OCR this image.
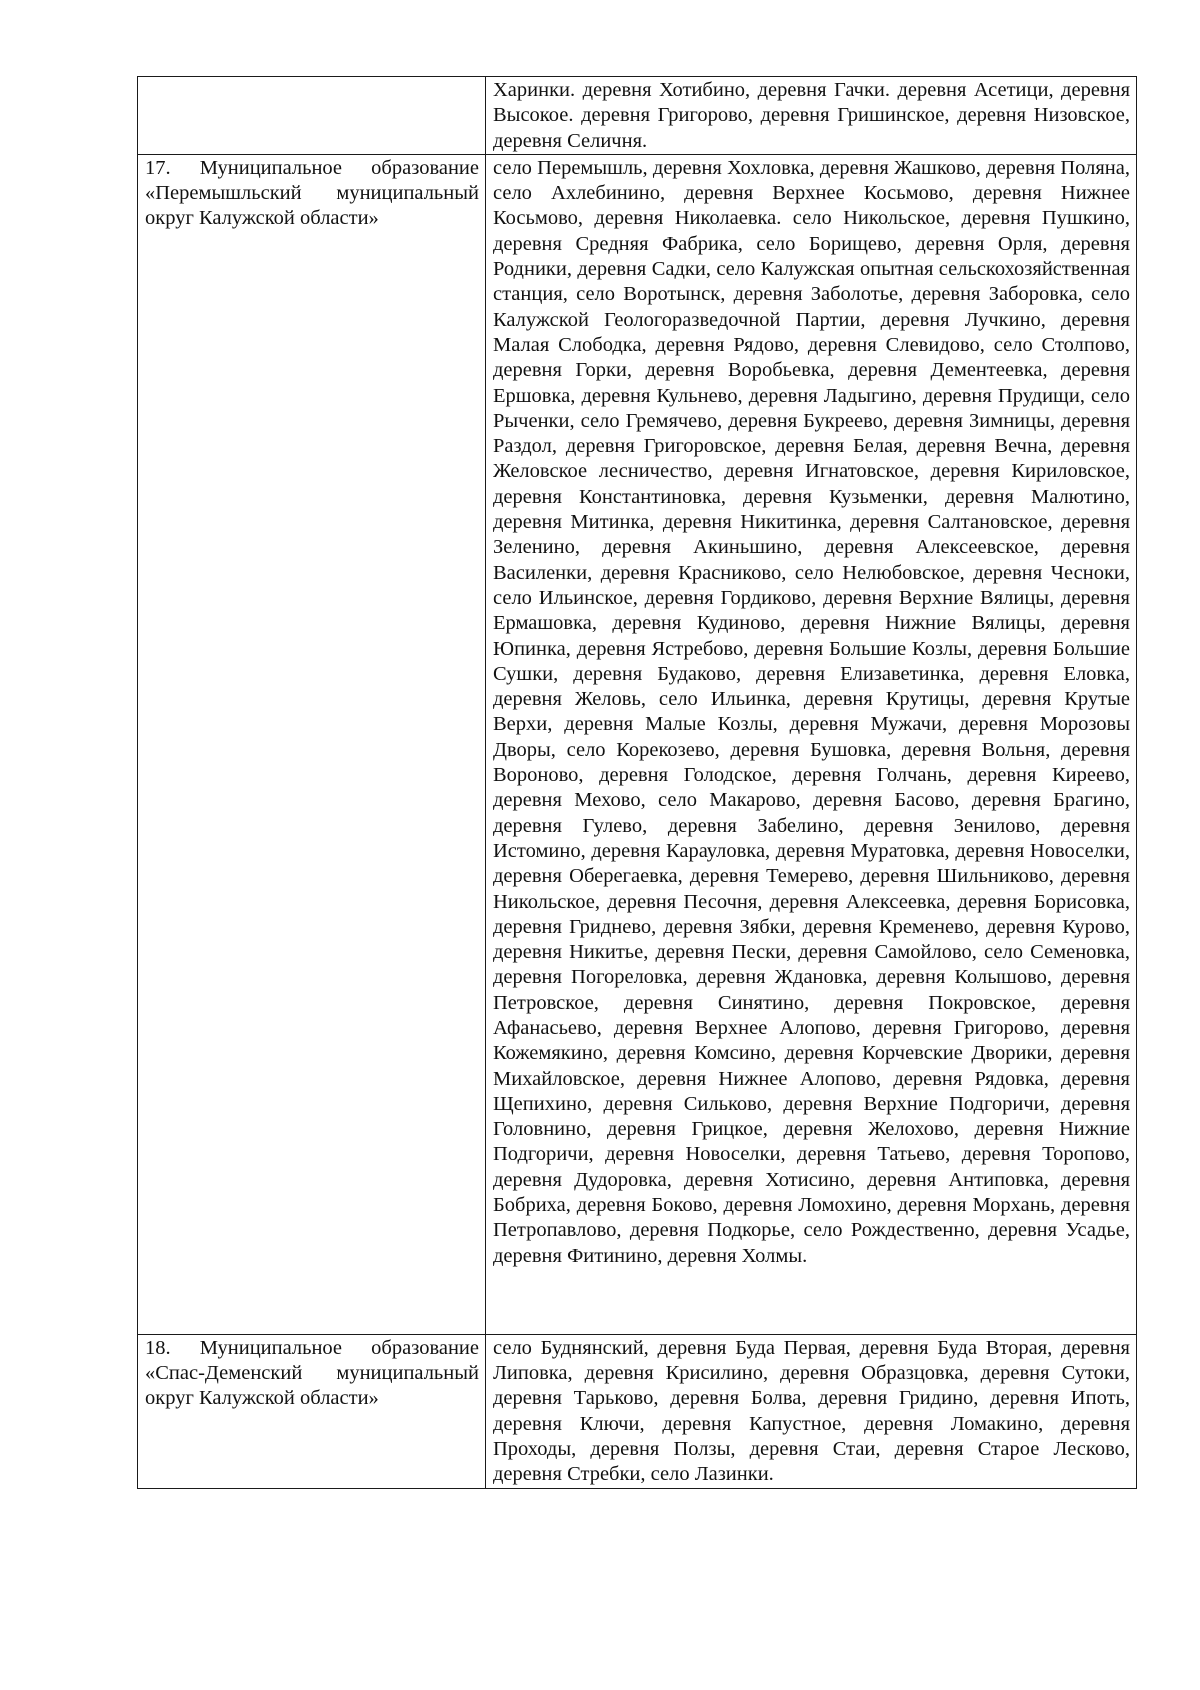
	Харинки. деревня Хотибино, деревня Гачки. деревня Асетици, деревня Высокое. деревня Григорово, деревня Гришинское, деревня Низовское, деревня Селичня.

17. Муниципальное образование «Перемышльский муниципальный округ Калужской области»	село Перемышль, деревня Хохловка, деревня Жашково, деревня Поляна, село Ахлебинино, деревня Верхнее Косьмово, деревня Нижнее Косьмово, деревня Николаевка. село Никольское, деревня Пушкино, деревня Средняя Фабрика, село Борищево, деревня Орля, деревня Родники, деревня Садки, село Калужская опытная сельскохозяйственная станция, село Воротынск, деревня Заболотье, деревня Заборовка, село Калужской Геологоразведочной Партии, деревня Лучкино, деревня Малая Слободка, деревня Рядово, деревня Слевидово, село Столпово, деревня Горки, деревня Воробьевка, деревня Дементеевка, деревня Ершовка, деревня Кульнево, деревня Ладыгино, деревня Прудищи, село Рыченки, село Гремячево, деревня Букреево, деревня Зимницы, деревня Раздол, деревня Григоровское, деревня Белая, деревня Вечна, деревня Желовское лесничество, деревня Игнатовское, деревня Кириловское, деревня Константиновка, деревня Кузьменки, деревня Малютино, деревня Митинка, деревня Никитинка, деревня Салтановское, деревня Зеленино, деревня Акиньшино, деревня Алексеевское, деревня Василенки, деревня Красниково, село Нелюбовское, деревня Чесноки, село Ильинское, деревня Гордиково, деревня Верхние Вялицы, деревня Ермашовка, деревня Кудиново, деревня Нижние Вялицы, деревня Юпинка, деревня Ястребово, деревня Большие Козлы, деревня Большие Сушки, деревня Будаково, деревня Елизаветинка, деревня Еловка, деревня Желовь, село Ильинка, деревня Крутицы, деревня Крутые Верхи, деревня Малые Козлы, деревня Мужачи, деревня Морозовы Дворы, село Корекозево, деревня Бушовка, деревня Вольня, деревня Вороново, деревня Голодское, деревня Голчань, деревня Киреево, деревня Мехово, село Макарово, деревня Басово, деревня Брагино, деревня Гулево, деревня Забелино, деревня Зенилово, деревня Истомино, деревня Карауловка, деревня Муратовка, деревня Новоселки, деревня Оберегаевка, деревня Темерево, деревня Шильниково, деревня Никольское, деревня Песочня, деревня Алексеевка, деревня Борисовка, деревня Гриднево, деревня Зябки, деревня Кременево, деревня Курово, деревня Никитье, деревня Пески, деревня Самойлово, село Семеновка, деревня Погореловка, деревня Ждановка, деревня Колышово, деревня Петровское, деревня Синятино, деревня Покровское, деревня Афанасьево, деревня Верхнее Алопово, деревня Григорово, деревня Кожемякино, деревня Комсино, деревня Корчевские Дворики, деревня Михайловское, деревня Нижнее Алопово, деревня Рядовка, деревня Щепихино, деревня Сильково, деревня Верхние Подгоричи, деревня Головнино, деревня Грицкое, деревня Желохово, деревня Нижние Подгоричи, деревня Новоселки, деревня Татьево, деревня Торопово, деревня Дудоровка, деревня Хотисино, деревня Антиповка, деревня Бобриха, деревня Боково, деревня Ломохино, деревня Морхань, деревня Петропавлово, деревня Подкорье, село Рождественно, деревня Усадье, деревня Фитинино, деревня Холмы.

18. Муниципальное образование «Спас-Деменский муниципальный округ Калужской области»	село Буднянский, деревня Буда Первая, деревня Буда Вторая, деревня Липовка, деревня Крисилино, деревня Образцовка, деревня Сутоки, деревня Тарьково, деревня Болва, деревня Гридино, деревня Ипоть, деревня Ключи, деревня Капустное, деревня Ломакино, деревня Проходы, деревня Ползы, деревня Стаи, деревня Старое Лесково, деревня Стребки, село Лазинки.
